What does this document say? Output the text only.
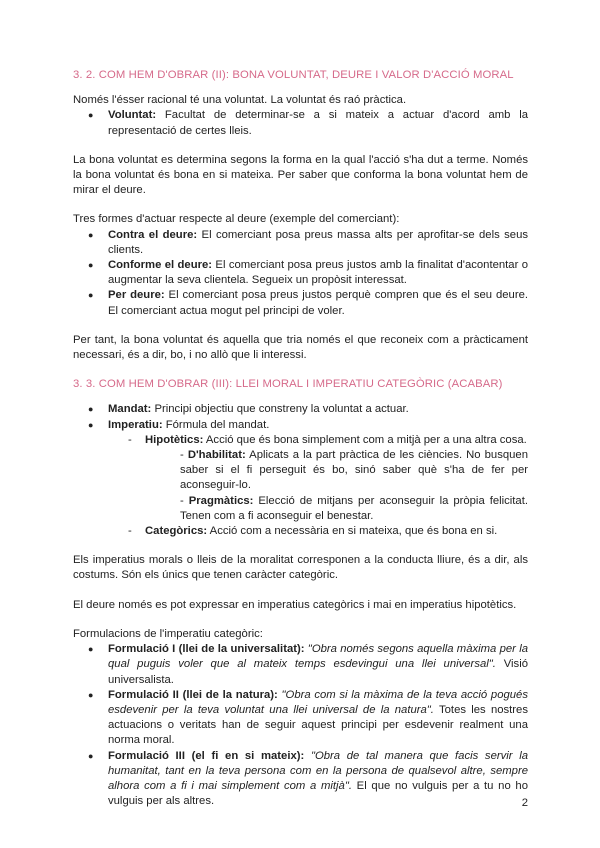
3. 2. COM HEM D'OBRAR (II): BONA VOLUNTAT, DEURE I VALOR D'ACCIÓ MORAL

Només l'ésser racional té una voluntat. La voluntat és raó pràctica.

● Voluntat: Facultat de determinar-se a si mateix a actuar d'acord amb la representació de certes lleis.

La bona voluntat es determina segons la forma en la qual l'acció s'ha dut a terme. Només la bona voluntat és bona en si mateixa. Per saber que conforma la bona voluntat hem de mirar el deure.

Tres formes d'actuar respecte al deure (exemple del comerciant):

● Contra el deure: El comerciant posa preus massa alts per aprofitar-se dels seus clients.
● Conforme el deure: El comerciant posa preus justos amb la finalitat d'acontentar o augmentar la seva clientela. Segueix un propòsit interessat.
● Per deure: El comerciant posa preus justos perquè compren que és el seu deure. El comerciant actua mogut pel principi de voler.

Per tant, la bona voluntat és aquella que tria només el que reconeix com a pràcticament necessari, és a dir, bo, i no allò que li interessi.

3. 3. COM HEM D'OBRAR (III): LLEI MORAL I IMPERATIU CATEGÒRIC (ACABAR)
● Mandat: Principi objectiu que constreny la voluntat a actuar.
● Imperatiu: Fórmula del mandat.
- Hipotètics: Acció que és bona simplement com a mitjà per a una altra cosa.
- D'habilitat: Aplicats a la part pràctica de les ciències. No busquen saber si el fi perseguit és bo, sinó saber què s'ha de fer per aconseguir-lo.
- Pragmàtics: Elecció de mitjans per aconseguir la pròpia felicitat. Tenen com a fi aconseguir el benestar.
- Categòrics: Acció com a necessària en si mateixa, que és bona en si.

Els imperatius morals o lleis de la moralitat corresponen a la conducta lliure, és a dir, als costums. Són els únics que tenen caràcter categòric.

El deure només es pot expressar en imperatius categòrics i mai en imperatius hipotètics.

Formulacions de l'imperatiu categòric:

● Formulació I (llei de la universalitat): "Obra només segons aquella màxima per la qual puguis voler que al mateix temps esdevingui una llei universal". Visió universalista.
● Formulació II (llei de la natura): "Obra com si la màxima de la teva acció pogués esdevenir per la teva voluntat una llei universal de la natura". Totes les nostres actuacions o veritats han de seguir aquest principi per esdevenir realment una norma moral.
● Formulació III (el fi en si mateix): "Obra de tal manera que facis servir la humanitat, tant en la teva persona com en la persona de qualsevol altre, sempre alhora com a fi i mai simplement com a mitjà". El que no vulguis per a tu no ho vulguis per als altres.	2
